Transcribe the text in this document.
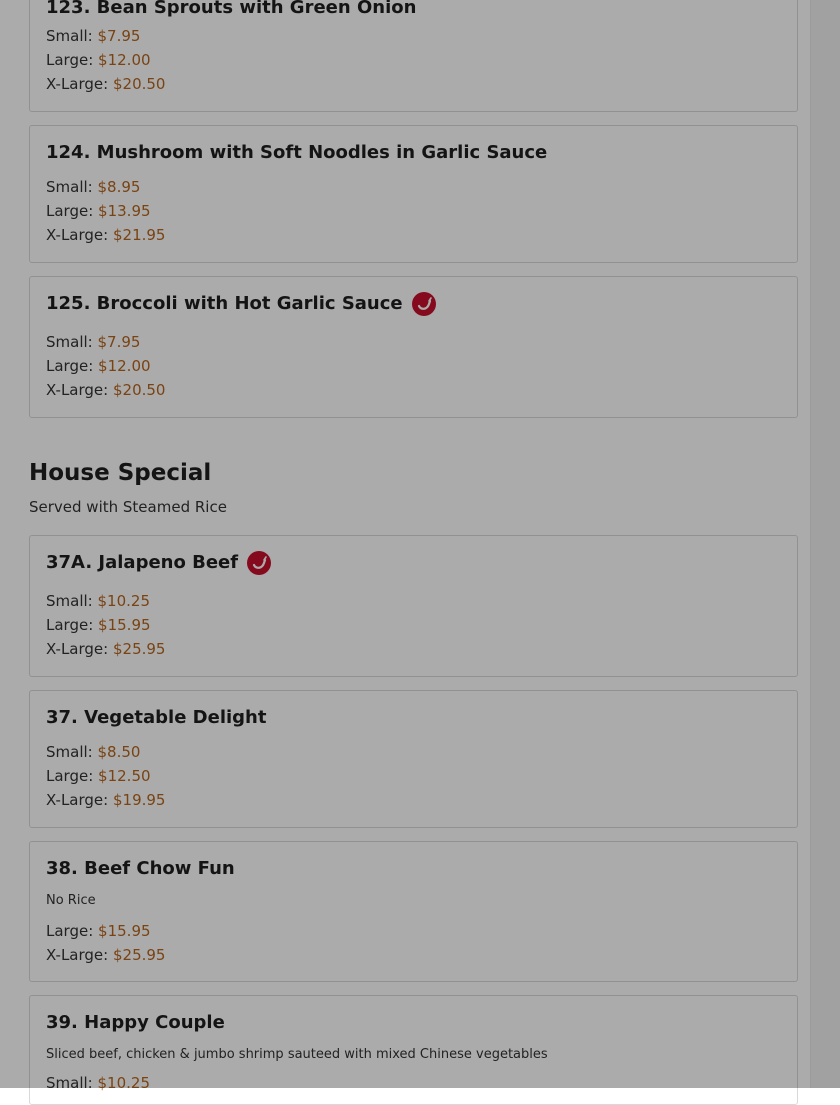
123. Bean Sprouts with Green Onion
Small: $7.95
Large: $12.00
X-Large: $20.50
124. Mushroom with Soft Noodles in Garlic Sauce
Small: $8.95
Large: $13.95
X-Large: $21.95
125. Broccoli with Hot Garlic Sauce
Small: $7.95
Large: $12.00
X-Large: $20.50
House Special
Served with Steamed Rice
37A. Jalapeno Beef
Small: $10.25
Large: $15.95
X-Large: $25.95
37. Vegetable Delight
Small: $8.50
Large: $12.50
X-Large: $19.95
38. Beef Chow Fun
No Rice
Large: $15.95
X-Large: $25.95
39. Happy Couple
Sliced beef, chicken & jumbo shrimp sauteed with mixed Chinese vegetables
Small: $10.25
